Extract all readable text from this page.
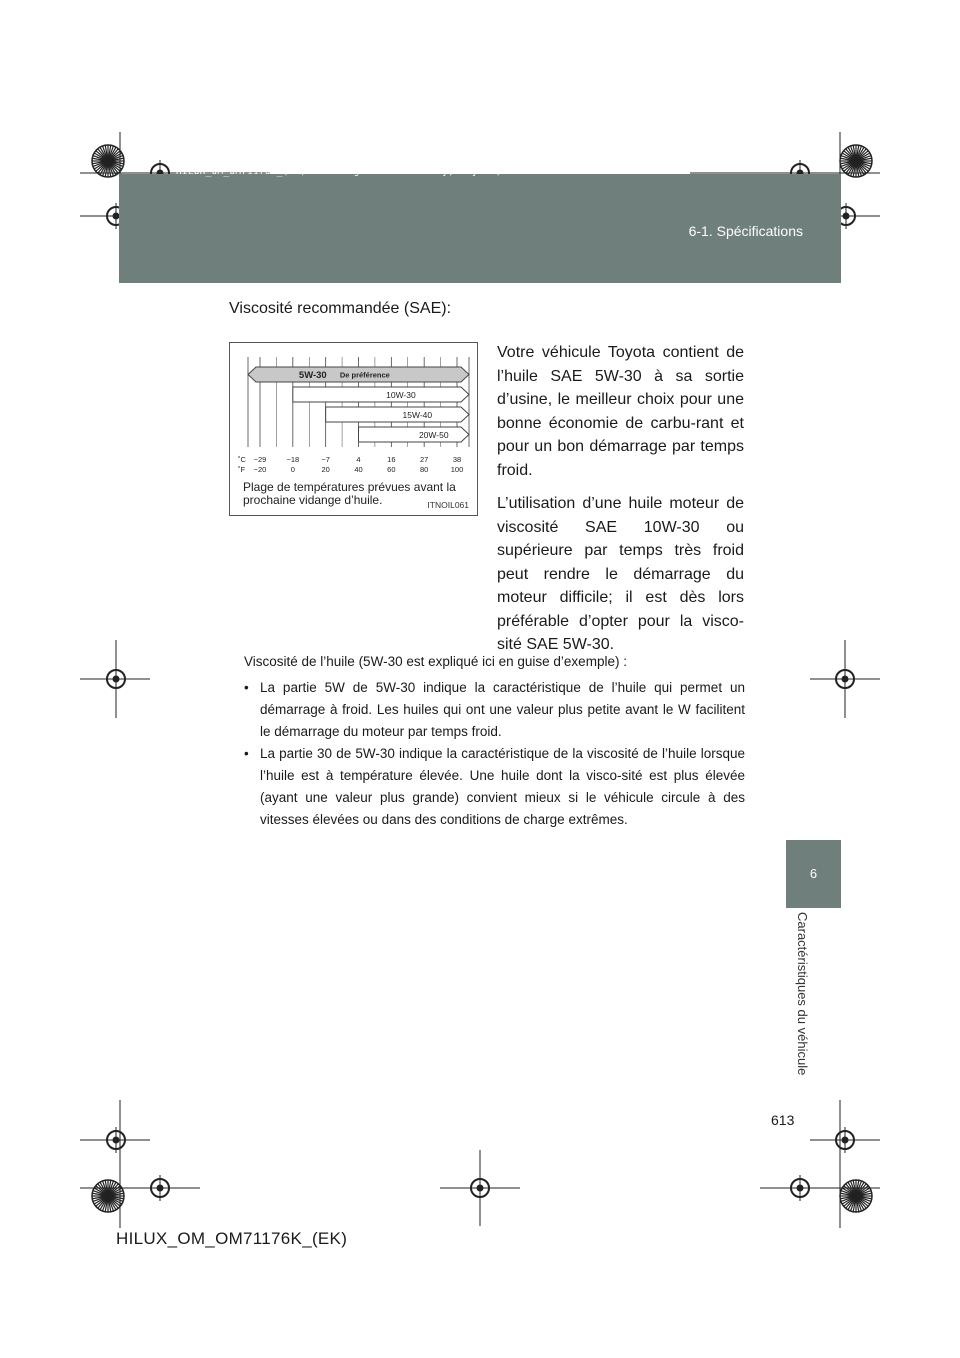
6-1. Spécifications
HILUX_OM_OM71176K_(EK).book Page 613 Wednesday, May 16, 2012 2:32 PM
6
Caractéristiques du véhicule
Viscosité recommandée (SAE):
5W-30 De préférence
10W-30
15W-40
20W-50
˚C −29	−18	−7	4	16	27	38
˚F −20	0	20	40	60	80	100
Plage de températures prévues avant la prochaine vidange d’huile.	ITNOIL061

Votre véhicule Toyota contient de l’huile SAE 5W-30 à sa sortie d’usine, le meilleur choix pour une bonne économie de carbu-rant et pour un bon démarrage par temps froid.

L’utilisation d’une huile moteur de viscosité SAE 10W-30 ou supérieure par temps très froid peut rendre le démarrage du moteur difficile; il est dès lors préférable d’opter pour la visco-sité SAE 5W-30.

Viscosité de l’huile (5W-30 est expliqué ici en guise d’exemple) :

• La partie 5W de 5W-30 indique la caractéristique de l’huile qui permet un démarrage à froid. Les huiles qui ont une valeur plus petite avant le W facilitent le démarrage du moteur par temps froid.
• La partie 30 de 5W-30 indique la caractéristique de la viscosité de l’huile lorsque l’huile est à température élevée. Une huile dont la visco-sité est plus élevée (ayant une valeur plus grande) convient mieux si le véhicule circule à des vitesses élevées ou dans des conditions de charge extrêmes.
613
HILUX_OM_OM71176K_(EK)
